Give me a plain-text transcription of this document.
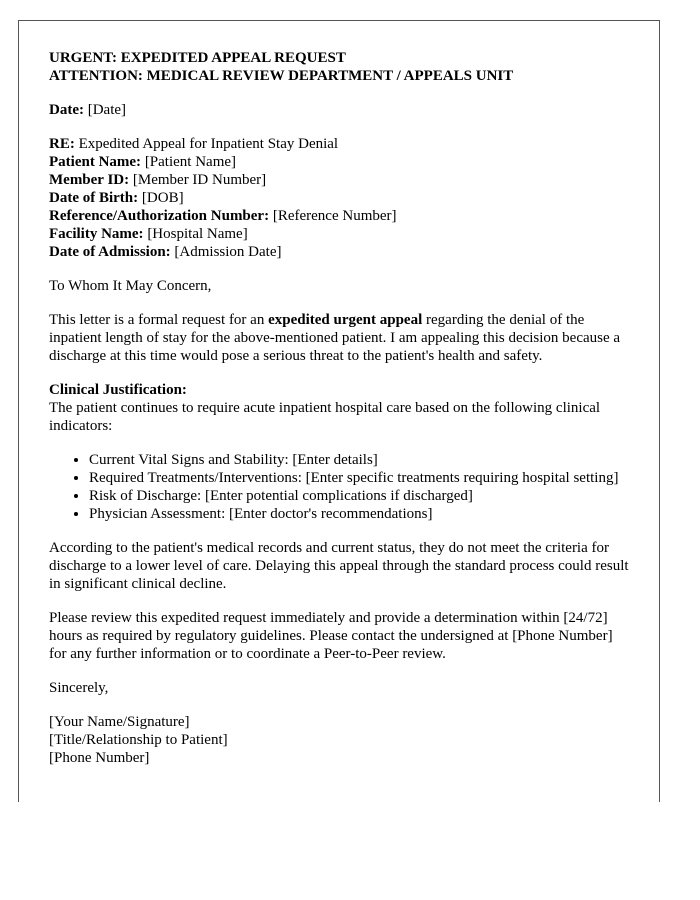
URGENT: EXPEDITED APPEAL REQUEST

ATTENTION: MEDICAL REVIEW DEPARTMENT / APPEALS UNIT

Date: [Date]

RE: Expedited Appeal for Inpatient Stay Denial

Patient Name: [Patient Name]

Member ID: [Member ID Number]

Date of Birth: [DOB]

Reference/Authorization Number: [Reference Number]

Facility Name: [Hospital Name]

Date of Admission: [Admission Date]

To Whom It May Concern,

This letter is a formal request for an expedited urgent appeal regarding the denial of the inpatient length of stay for the above-mentioned patient. I am appealing this decision because a discharge at this time would pose a serious threat to the patient's health and safety.

Clinical Justification:

The patient continues to require acute inpatient hospital care based on the following clinical indicators:

• Current Vital Signs and Stability: [Enter details]
• Required Treatments/Interventions: [Enter specific treatments requiring hospital setting]
• Risk of Discharge: [Enter potential complications if discharged]
• Physician Assessment: [Enter doctor's recommendations]

According to the patient's medical records and current status, they do not meet the criteria for discharge to a lower level of care. Delaying this appeal through the standard process could result in significant clinical decline.

Please review this expedited request immediately and provide a determination within [24/72] hours as required by regulatory guidelines. Please contact the undersigned at [Phone Number] for any further information or to coordinate a Peer-to-Peer review.

Sincerely,

[Your Name/Signature]

[Title/Relationship to Patient]

[Phone Number]
